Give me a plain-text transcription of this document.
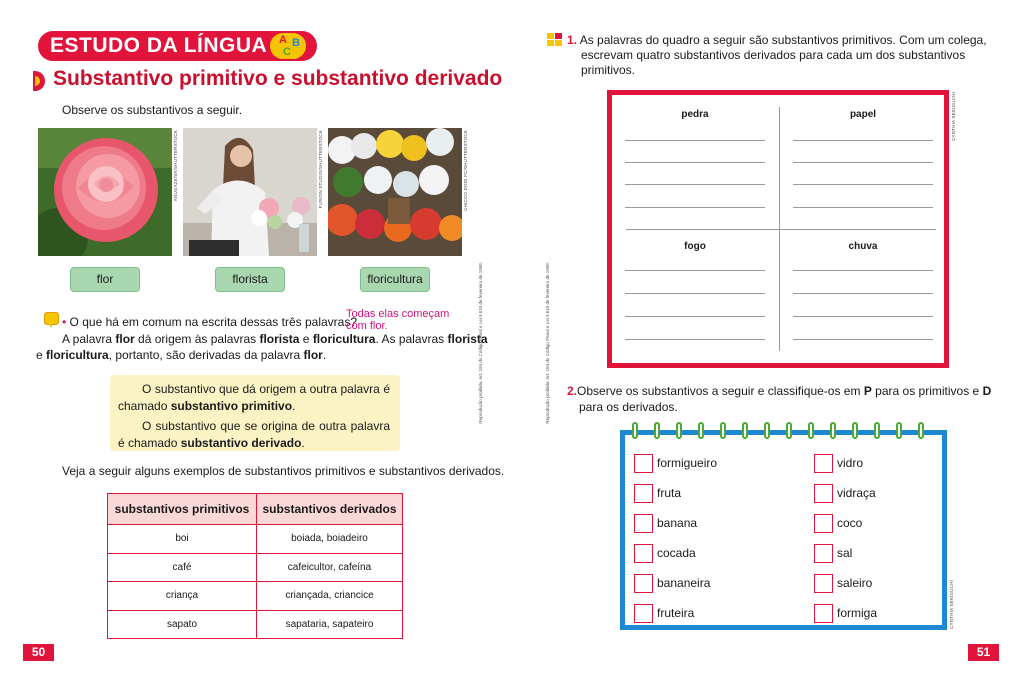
ESTUDO DA LÍNGUA	A B
C
Substantivo primitivo e substantivo derivado
Observe os substantivos a seguir.
ANUGAZE/VA/SHUTTERSTOCK	FUSION STUDIO/SHUTTERSTOCK	CHICCO DODI FC/SHUTTERSTOCK
flor	florista	floricultura
• O que há em comum na escrita dessas três palavras?
Todas elas começam
com flor.
A palavra flor dá origem às palavras florista e floricultura. As palavras florista
e floricultura, portanto, são derivadas da palavra flor.

  O substantivo que dá origem a outra palavra é chamado substantivo primitivo.

  O substantivo que se origina de outra palavra é chamado substantivo derivado.

Veja a seguir alguns exemplos de substantivos primitivos e substantivos derivados.
substantivos primitivos	substantivos derivados
boi	boiada, boiadeiro
café	cafeicultor, cafeína
criança	criançada, criancice
sapato	sapataria, sapateiro
Reprodução proibida. Art. 184 do Código Penal e Lei 9.610 de fevereiro de 1998.
50
Reprodução proibida. Art. 184 do Código Penal e Lei 9.610 de fevereiro de 1998.
1. As palavras do quadro a seguir são substantivos primitivos. Com um colega,
escrevam quatro substantivos derivados para cada um dos substantivos
primitivos.
CYNTHIA SEKIGUCHI
pedra	papel
fogo	chuva
2.Observe os substantivos a seguir e classifique-os em P para os primitivos e D
para os derivados.
CYNTHIA SEKIGUCHI
formigueiro
fruta
banana
cocada
bananeira
fruteira
vidro
vidraça
coco
sal
saleiro
formiga
51
